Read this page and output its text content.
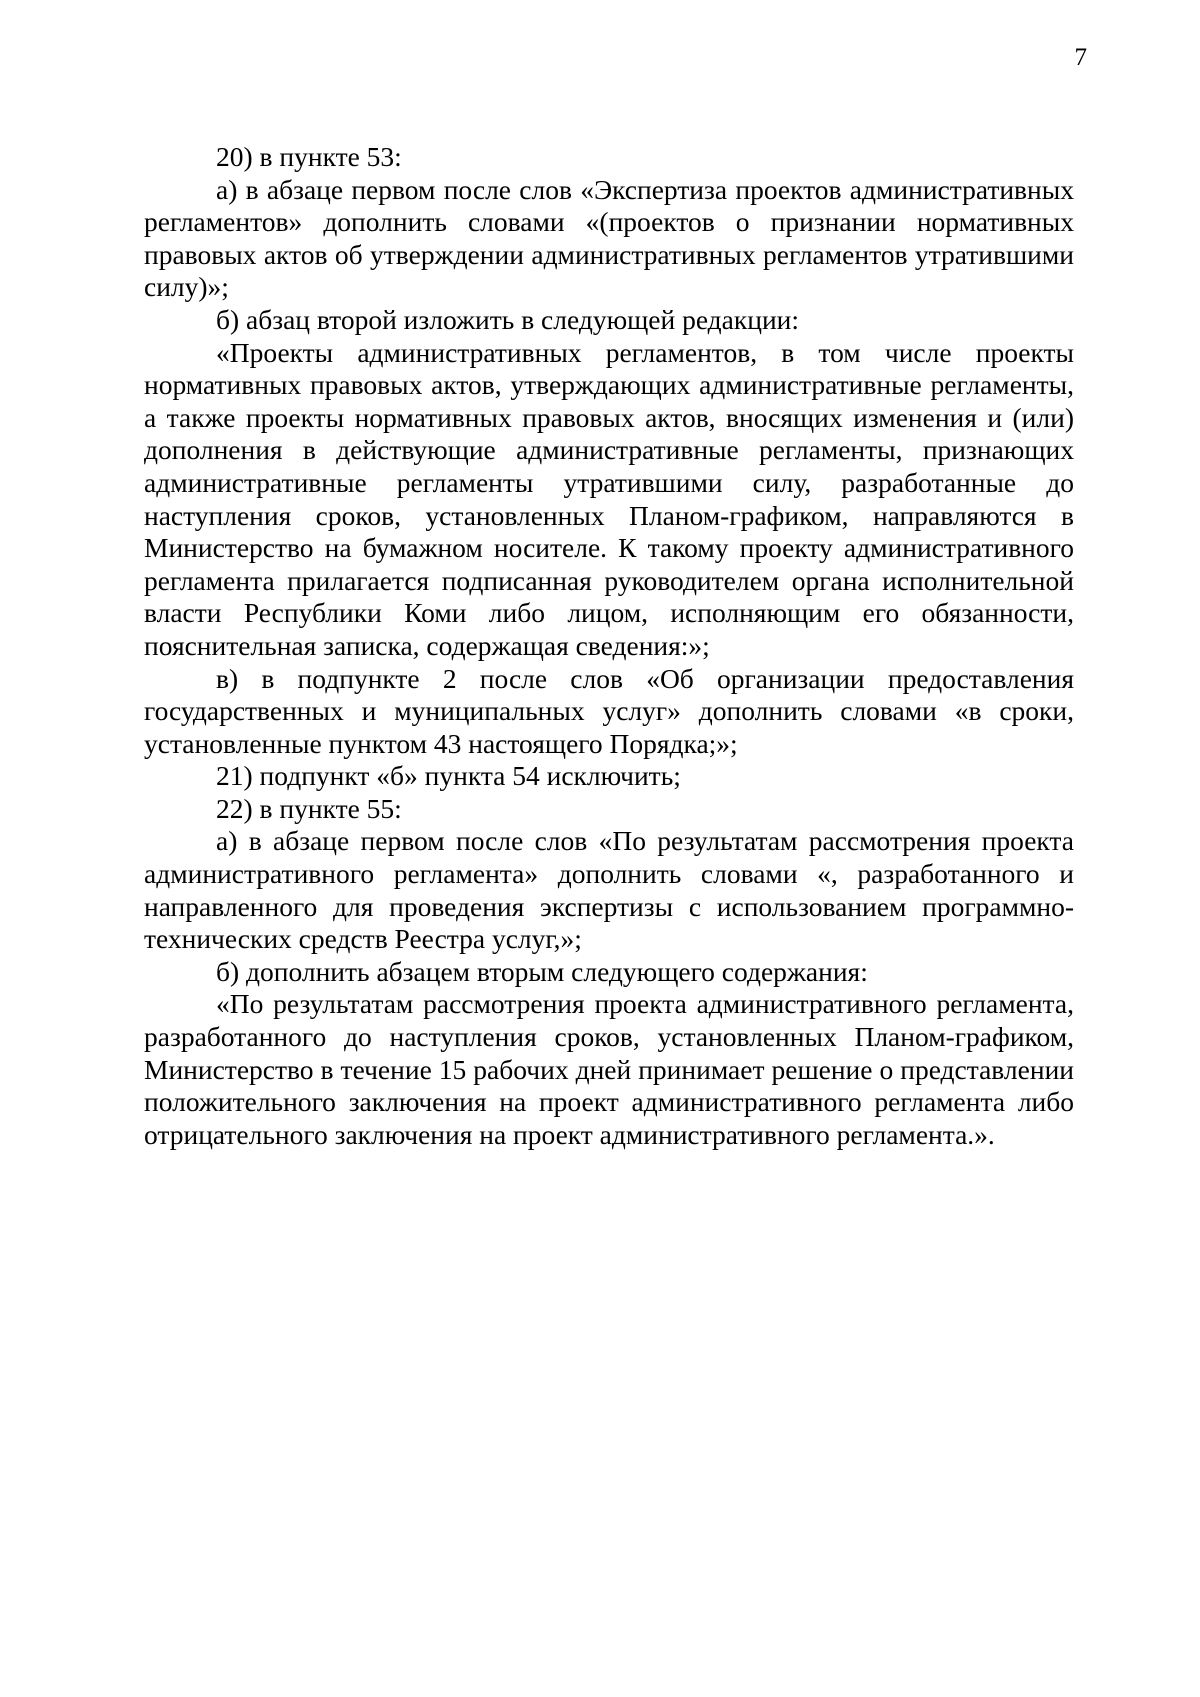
7

20) в пункте 53:

а) в абзаце первом после слов «Экспертиза проектов административных регламентов» дополнить словами «(проектов о признании нормативных правовых актов об утверждении административных регламентов утратившими силу)»;

б) абзац второй изложить в следующей редакции:

«Проекты административных регламентов, в том числе проекты нормативных правовых актов, утверждающих административные регламенты, а также проекты нормативных правовых актов, вносящих изменения и (или) дополнения в действующие административные регламенты, признающих административные регламенты утратившими силу, разработанные до наступления сроков, установленных Планом-графиком, направляются в Министерство на бумажном носителе. К такому проекту административного регламента прилагается подписанная руководителем органа исполнительной власти Республики Коми либо лицом, исполняющим его обязанности, пояснительная записка, содержащая сведения:»;

в) в подпункте 2 после слов «Об организации предоставления государственных и муниципальных услуг» дополнить словами «в сроки, установленные пунктом 43 настоящего Порядка;»;

21) подпункт «б» пункта 54 исключить;

22) в пункте 55:

а) в абзаце первом после слов «По результатам рассмотрения проекта административного регламента» дополнить словами «, разработанного и направленного для проведения экспертизы с использованием программно-технических средств Реестра услуг,»;

б) дополнить абзацем вторым следующего содержания:

«По результатам рассмотрения проекта административного регламента, разработанного до наступления сроков, установленных Планом-графиком, Министерство в течение 15 рабочих дней принимает решение о представлении положительного заключения на проект административного регламента либо отрицательного заключения на проект административного регламента.».
